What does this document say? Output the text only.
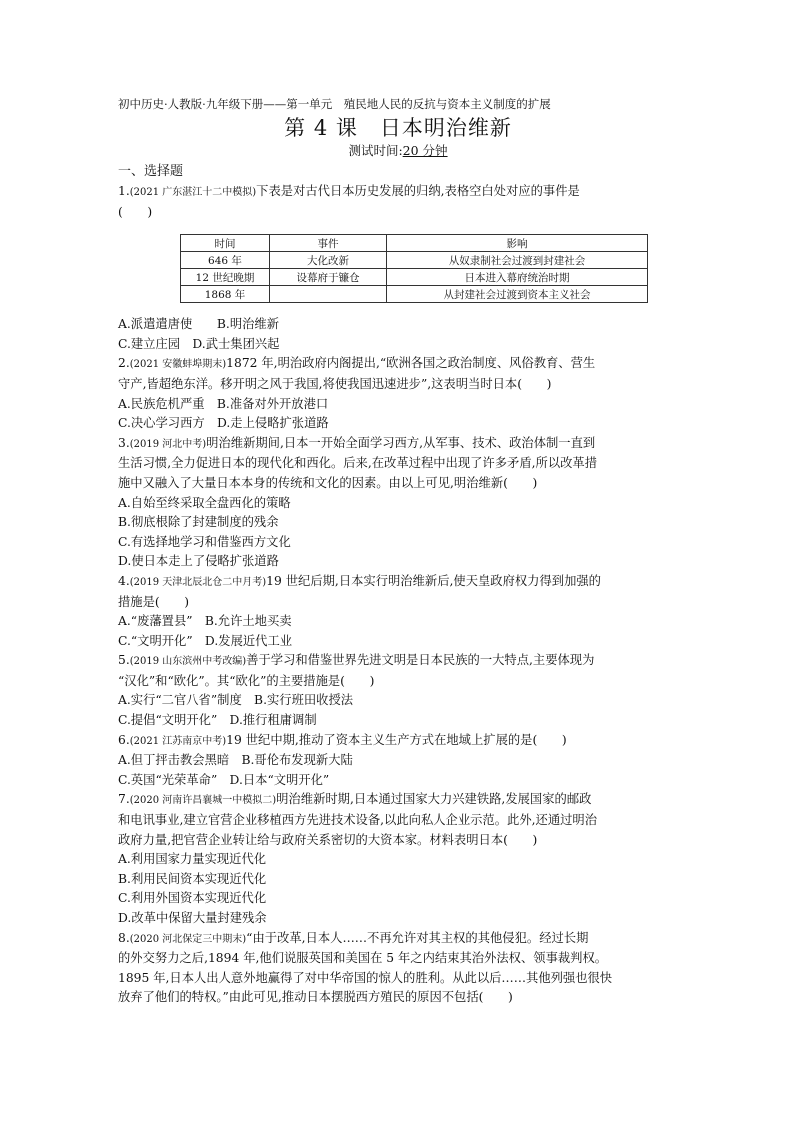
初中历史·人教版·九年级下册——第一单元　殖民地人民的反抗与资本主义制度的扩展
第 4 课　日本明治维新
测试时间:20 分钟
一、选择题
1.(2021 广东湛江十二中模拟)下表是对古代日本历史发展的归纳,表格空白处对应的事件是
(　　)
时间	事件	影响
646 年	大化改新	从奴隶制社会过渡到封建社会
12 世纪晚期	设幕府于镰仓	日本进入幕府统治时期
1868 年		从封建社会过渡到资本主义社会
A.派遣遣唐使　　B.明治维新
C.建立庄园　D.武士集团兴起
2.(2021 安徽蚌埠期末)1872 年,明治政府内阁提出,“欧洲各国之政治制度、风俗教育、营生
守产,皆超绝东洋。移开明之风于我国,将使我国迅速进步”,这表明当时日本(　　)
A.民族危机严重　B.准备对外开放港口
C.决心学习西方　D.走上侵略扩张道路
3.(2019 河北中考)明治维新期间,日本一开始全面学习西方,从军事、技术、政治体制一直到
生活习惯,全力促进日本的现代化和西化。后来,在改革过程中出现了许多矛盾,所以改革措
施中又融入了大量日本本身的传统和文化的因素。由以上可见,明治维新(　　)
A.自始至终采取全盘西化的策略
B.彻底根除了封建制度的残余
C.有选择地学习和借鉴西方文化
D.使日本走上了侵略扩张道路
4.(2019 天津北辰北仓二中月考)19 世纪后期,日本实行明治维新后,使天皇政府权力得到加强的
措施是(　　)
A.“废藩置县”　B.允许土地买卖
C.“文明开化”　D.发展近代工业
5.(2019 山东滨州中考改编)善于学习和借鉴世界先进文明是日本民族的一大特点,主要体现为
“汉化”和“欧化”。其“欧化”的主要措施是(　　)
A.实行“二官八省”制度　B.实行班田收授法
C.提倡“文明开化”　D.推行租庸调制
6.(2021 江苏南京中考)19 世纪中期,推动了资本主义生产方式在地域上扩展的是(　　)
A.但丁抨击教会黑暗　B.哥伦布发现新大陆
C.英国“光荣革命”　D.日本“文明开化”
7.(2020 河南许昌襄城一中模拟二)明治维新时期,日本通过国家大力兴建铁路,发展国家的邮政
和电讯事业,建立官营企业移植西方先进技术设备,以此向私人企业示范。此外,还通过明治
政府力量,把官营企业转让给与政府关系密切的大资本家。材料表明日本(　　)
A.利用国家力量实现近代化
B.利用民间资本实现近代化
C.利用外国资本实现近代化
D.改革中保留大量封建残余
8.(2020 河北保定三中期末)“由于改革,日本人……不再允许对其主权的其他侵犯。经过长期
的外交努力之后,1894 年,他们说服英国和美国在 5 年之内结束其治外法权、领事裁判权。
1895 年,日本人出人意外地赢得了对中华帝国的惊人的胜利。从此以后……其他列强也很快
放弃了他们的特权。”由此可见,推动日本摆脱西方殖民的原因不包括(　　)
